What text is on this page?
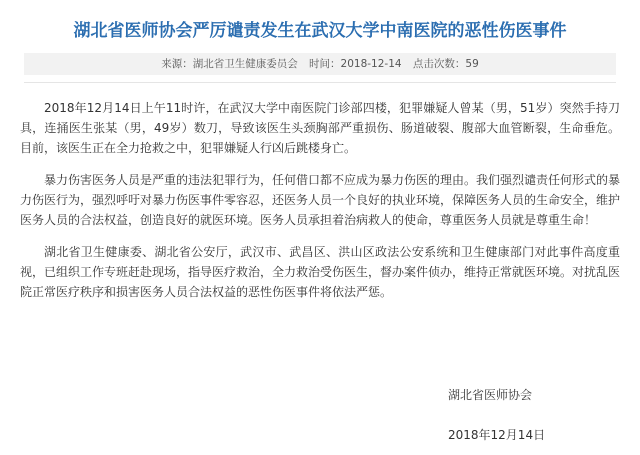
湖北省医师协会严厉谴责发生在武汉大学中南医院的恶性伤医事件
来源：湖北省卫生健康委员会 时间：2018-12-14 点击次数：59

2018年12月14日上午11时许，在武汉大学中南医院门诊部四楼，犯罪嫌疑人曾某（男，51岁）突然手持刀具，连捅医生张某（男，49岁）数刀，导致该医生头颈胸部严重损伤、肠道破裂、腹部大血管断裂，生命垂危。目前，该医生正在全力抢救之中，犯罪嫌疑人行凶后跳楼身亡。

暴力伤害医务人员是严重的违法犯罪行为，任何借口都不应成为暴力伤医的理由。我们强烈谴责任何形式的暴力伤医行为，强烈呼吁对暴力伤医事件零容忍，还医务人员一个良好的执业环境，保障医务人员的生命安全，维护医务人员的合法权益，创造良好的就医环境。医务人员承担着治病救人的使命，尊重医务人员就是尊重生命！

湖北省卫生健康委、湖北省公安厅，武汉市、武昌区、洪山区政法公安系统和卫生健康部门对此事件高度重视，已组织工作专班赶赴现场，指导医疗救治，全力救治受伤医生，督办案件侦办，维持正常就医环境。对扰乱医院正常医疗秩序和损害医务人员合法权益的恶性伤医事件将依法严惩。

湖北省医师协会
2018年12月14日
